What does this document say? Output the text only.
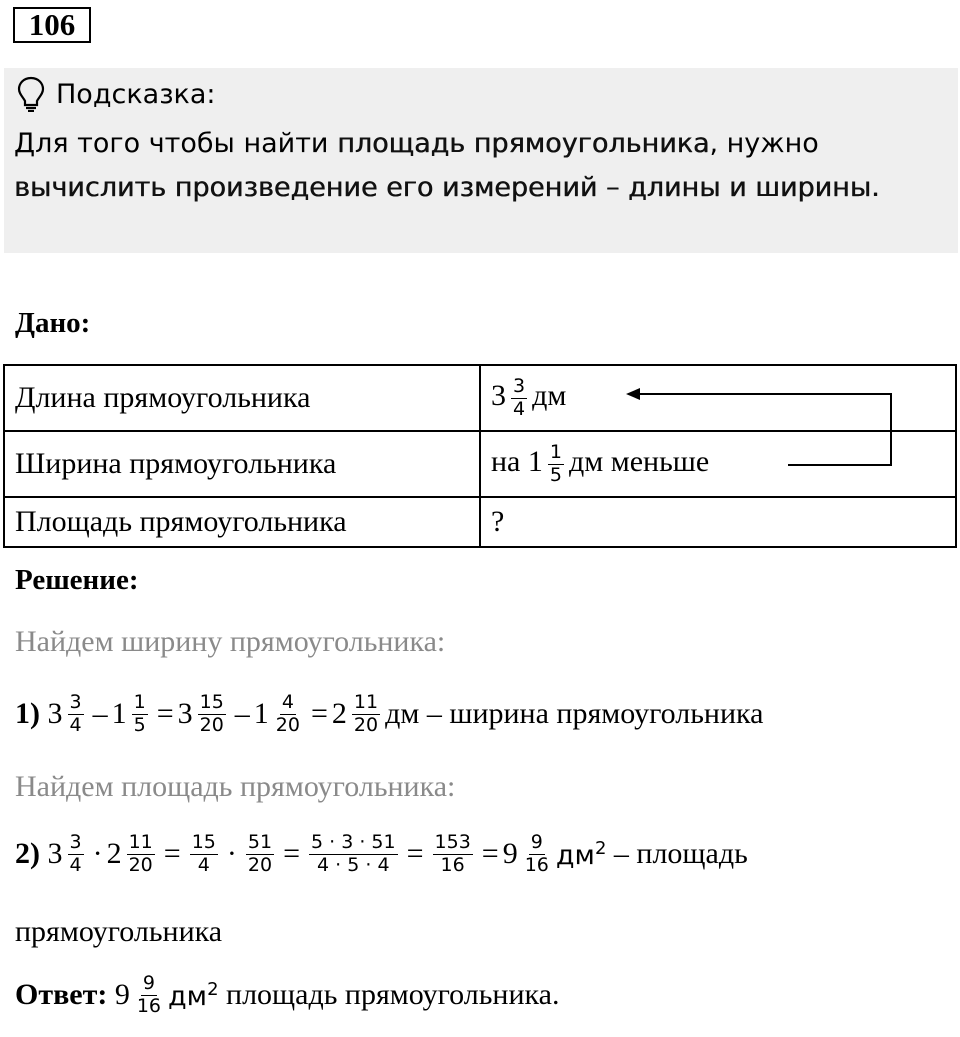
106
Подсказка:
Для того чтобы найти площадь прямоугольника, нужно
вычислить произведение его измерений – длины и ширины.
Дано:
Длина прямоугольника	$3 \frac{3}{4}$ дм
Ширина прямоугольника	на $1 \frac{1}{5}$ дм меньше
Площадь прямоугольника	?
Решение:
Найдем ширину прямоугольника:
1) $3 \frac{3}{4} - 1 \frac{1}{5} = 3 \frac{15}{20} - 1 \frac{4}{20} = 2 \frac{11}{20}$ дм – ширина прямоугольника
Найдем площадь прямоугольника:
2) $3 \frac{3}{4} \cdot 2 \frac{11}{20} = \frac{15}{4} \cdot \frac{51}{20} = \frac{5 \cdot 3 \cdot 51}{4 \cdot 5 \cdot 4} = \frac{153}{16} = 9 \frac{9}{16} дм^2$
– площадь
прямоугольника
Ответ: $9 \frac{9}{16} дм^2$
площадь прямоугольника.
